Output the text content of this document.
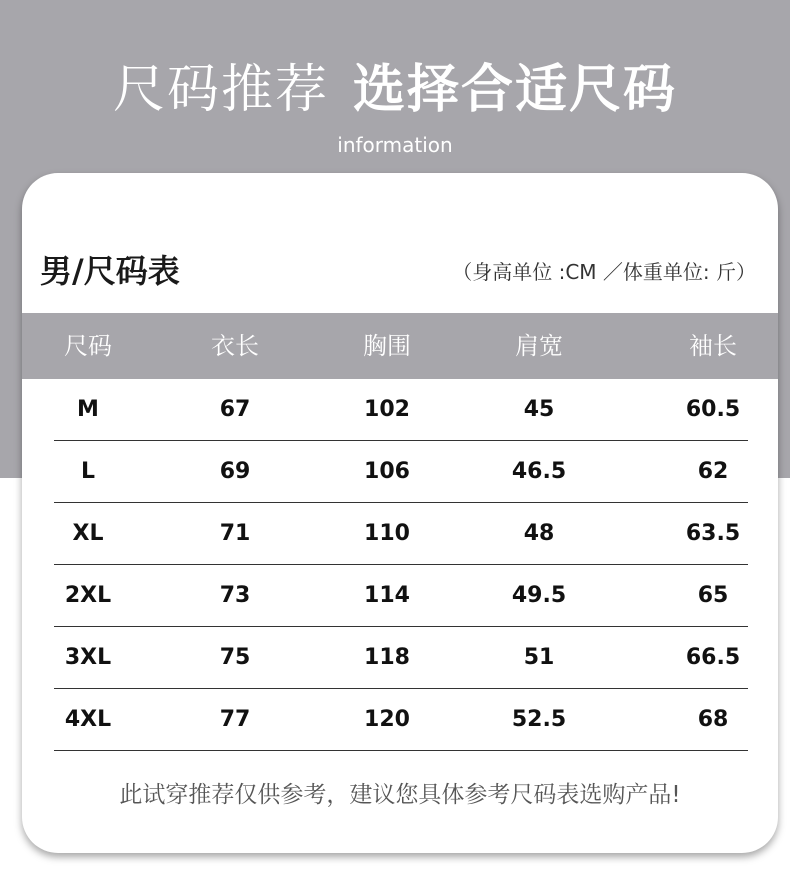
尺码推荐 选择合适尺码
information
男/尺码表	（身高单位 :CM ／体重单位: 斤）
尺码	衣长	胸围	肩宽	袖长
M	67	102	45	60.5
L	69	106	46.5	62
XL	71	110	48	63.5
2XL	73	114	49.5	65
3XL	75	118	51	66.5
4XL	77	120	52.5	68
此试穿推荐仅供参考，建议您具体参考尺码表选购产品!
